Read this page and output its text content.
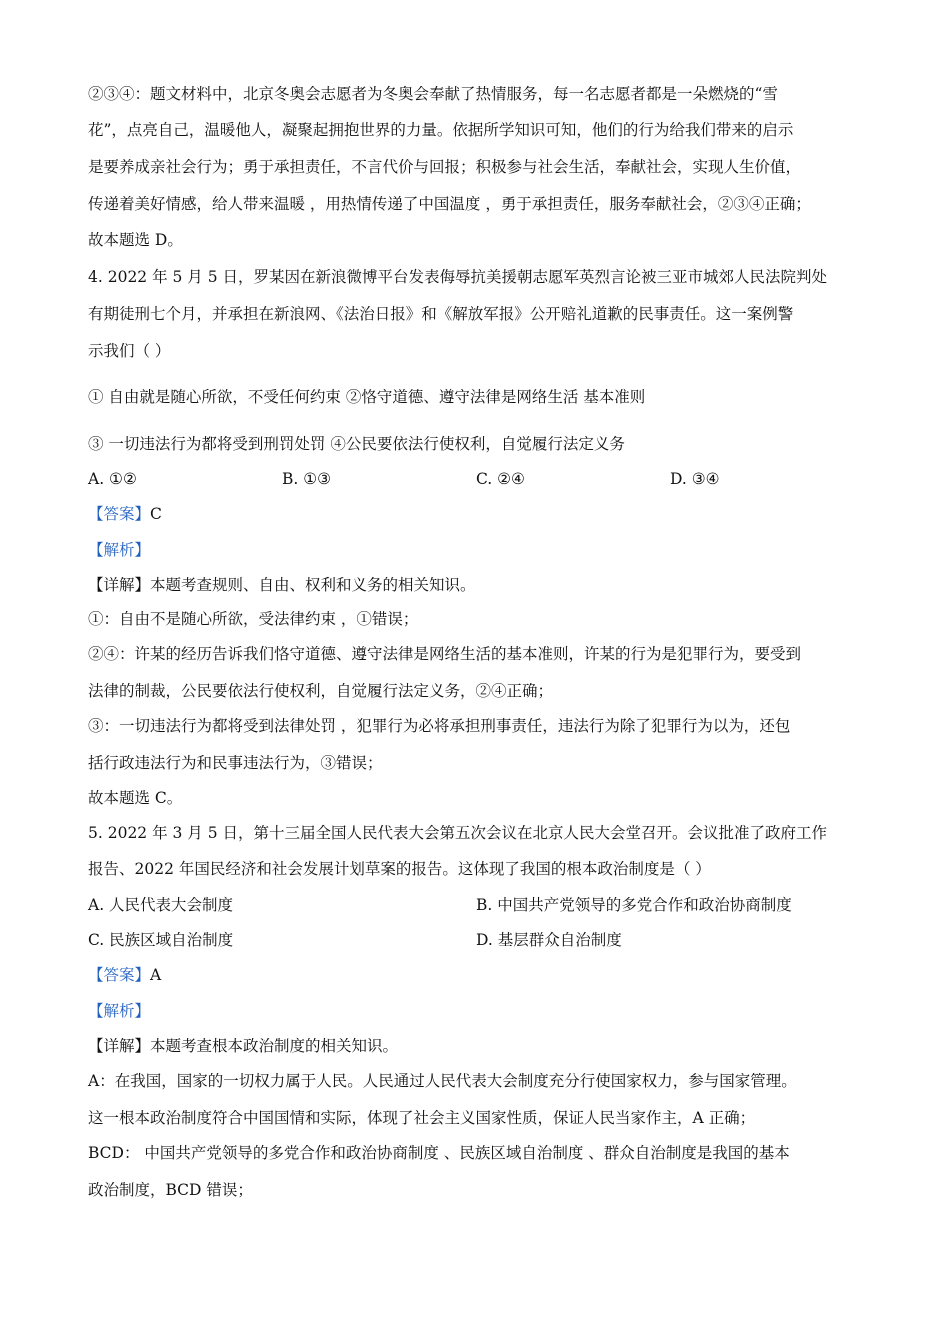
②③④：题文材料中，北京冬奥会志愿者为冬奥会奉献了热情服务，每一名志愿者都是一朵燃烧的“雪
花”，点亮自己，温暖他人，凝聚起拥抱世界的力量。依据所学知识可知，他们的行为给我们带来的启示
是要养成亲社会行为；勇于承担责任，不言代价与回报；积极参与社会生活，奉献社会，实现人生价值，
传递着美好情感，给人带来温暖 ，用热情传递了中国温度 ，勇于承担责任，服务奉献社会，②③④正确；
故本题选 D。
4. 2022 年 5 月 5 日，罗某因在新浪微博平台发表侮辱抗美援朝志愿军英烈言论被三亚市城郊人民法院判处
有期徒刑七个月，并承担在新浪网、《法治日报》和《解放军报》公开赔礼道歉的民事责任。这一案例警
示我们（ ）
① 自由就是随心所欲，不受任何约束 ②恪守道德、遵守法律是网络生活 基本准则
③ 一切违法行为都将受到刑罚处罚 ④公民要依法行使权利，自觉履行法定义务
A. ①②	B. ①③	C. ②④	D. ③④
【答案】C
【解析】
【详解】本题考查规则、自由、权利和义务的相关知识。
①：自由不是随心所欲，受法律约束 ，①错误；
②④：许某的经历告诉我们恪守道德、遵守法律是网络生活的基本准则，许某的行为是犯罪行为，要受到
法律的制裁，公民要依法行使权利，自觉履行法定义务，②④正确；
③：一切违法行为都将受到法律处罚 ，犯罪行为必将承担刑事责任，违法行为除了犯罪行为以为，还包
括行政违法行为和民事违法行为，③错误；
故本题选 C。
5. 2022 年 3 月 5 日，第十三届全国人民代表大会第五次会议在北京人民大会堂召开。会议批准了政府工作
报告、2022 年国民经济和社会发展计划草案的报告。这体现了我国的根本政治制度是（ ）
A. 人民代表大会制度	B. 中国共产党领导的多党合作和政治协商制度
C. 民族区域自治制度	D. 基层群众自治制度
【答案】A
【解析】
【详解】本题考查根本政治制度的相关知识。
A：在我国，国家的一切权力属于人民。人民通过人民代表大会制度充分行使国家权力，参与国家管理。
这一根本政治制度符合中国国情和实际，体现了社会主义国家性质，保证人民当家作主，A 正确；
BCD： 中国共产党领导的多党合作和政治协商制度 、民族区域自治制度 、群众自治制度是我国的基本
政治制度，BCD 错误；
